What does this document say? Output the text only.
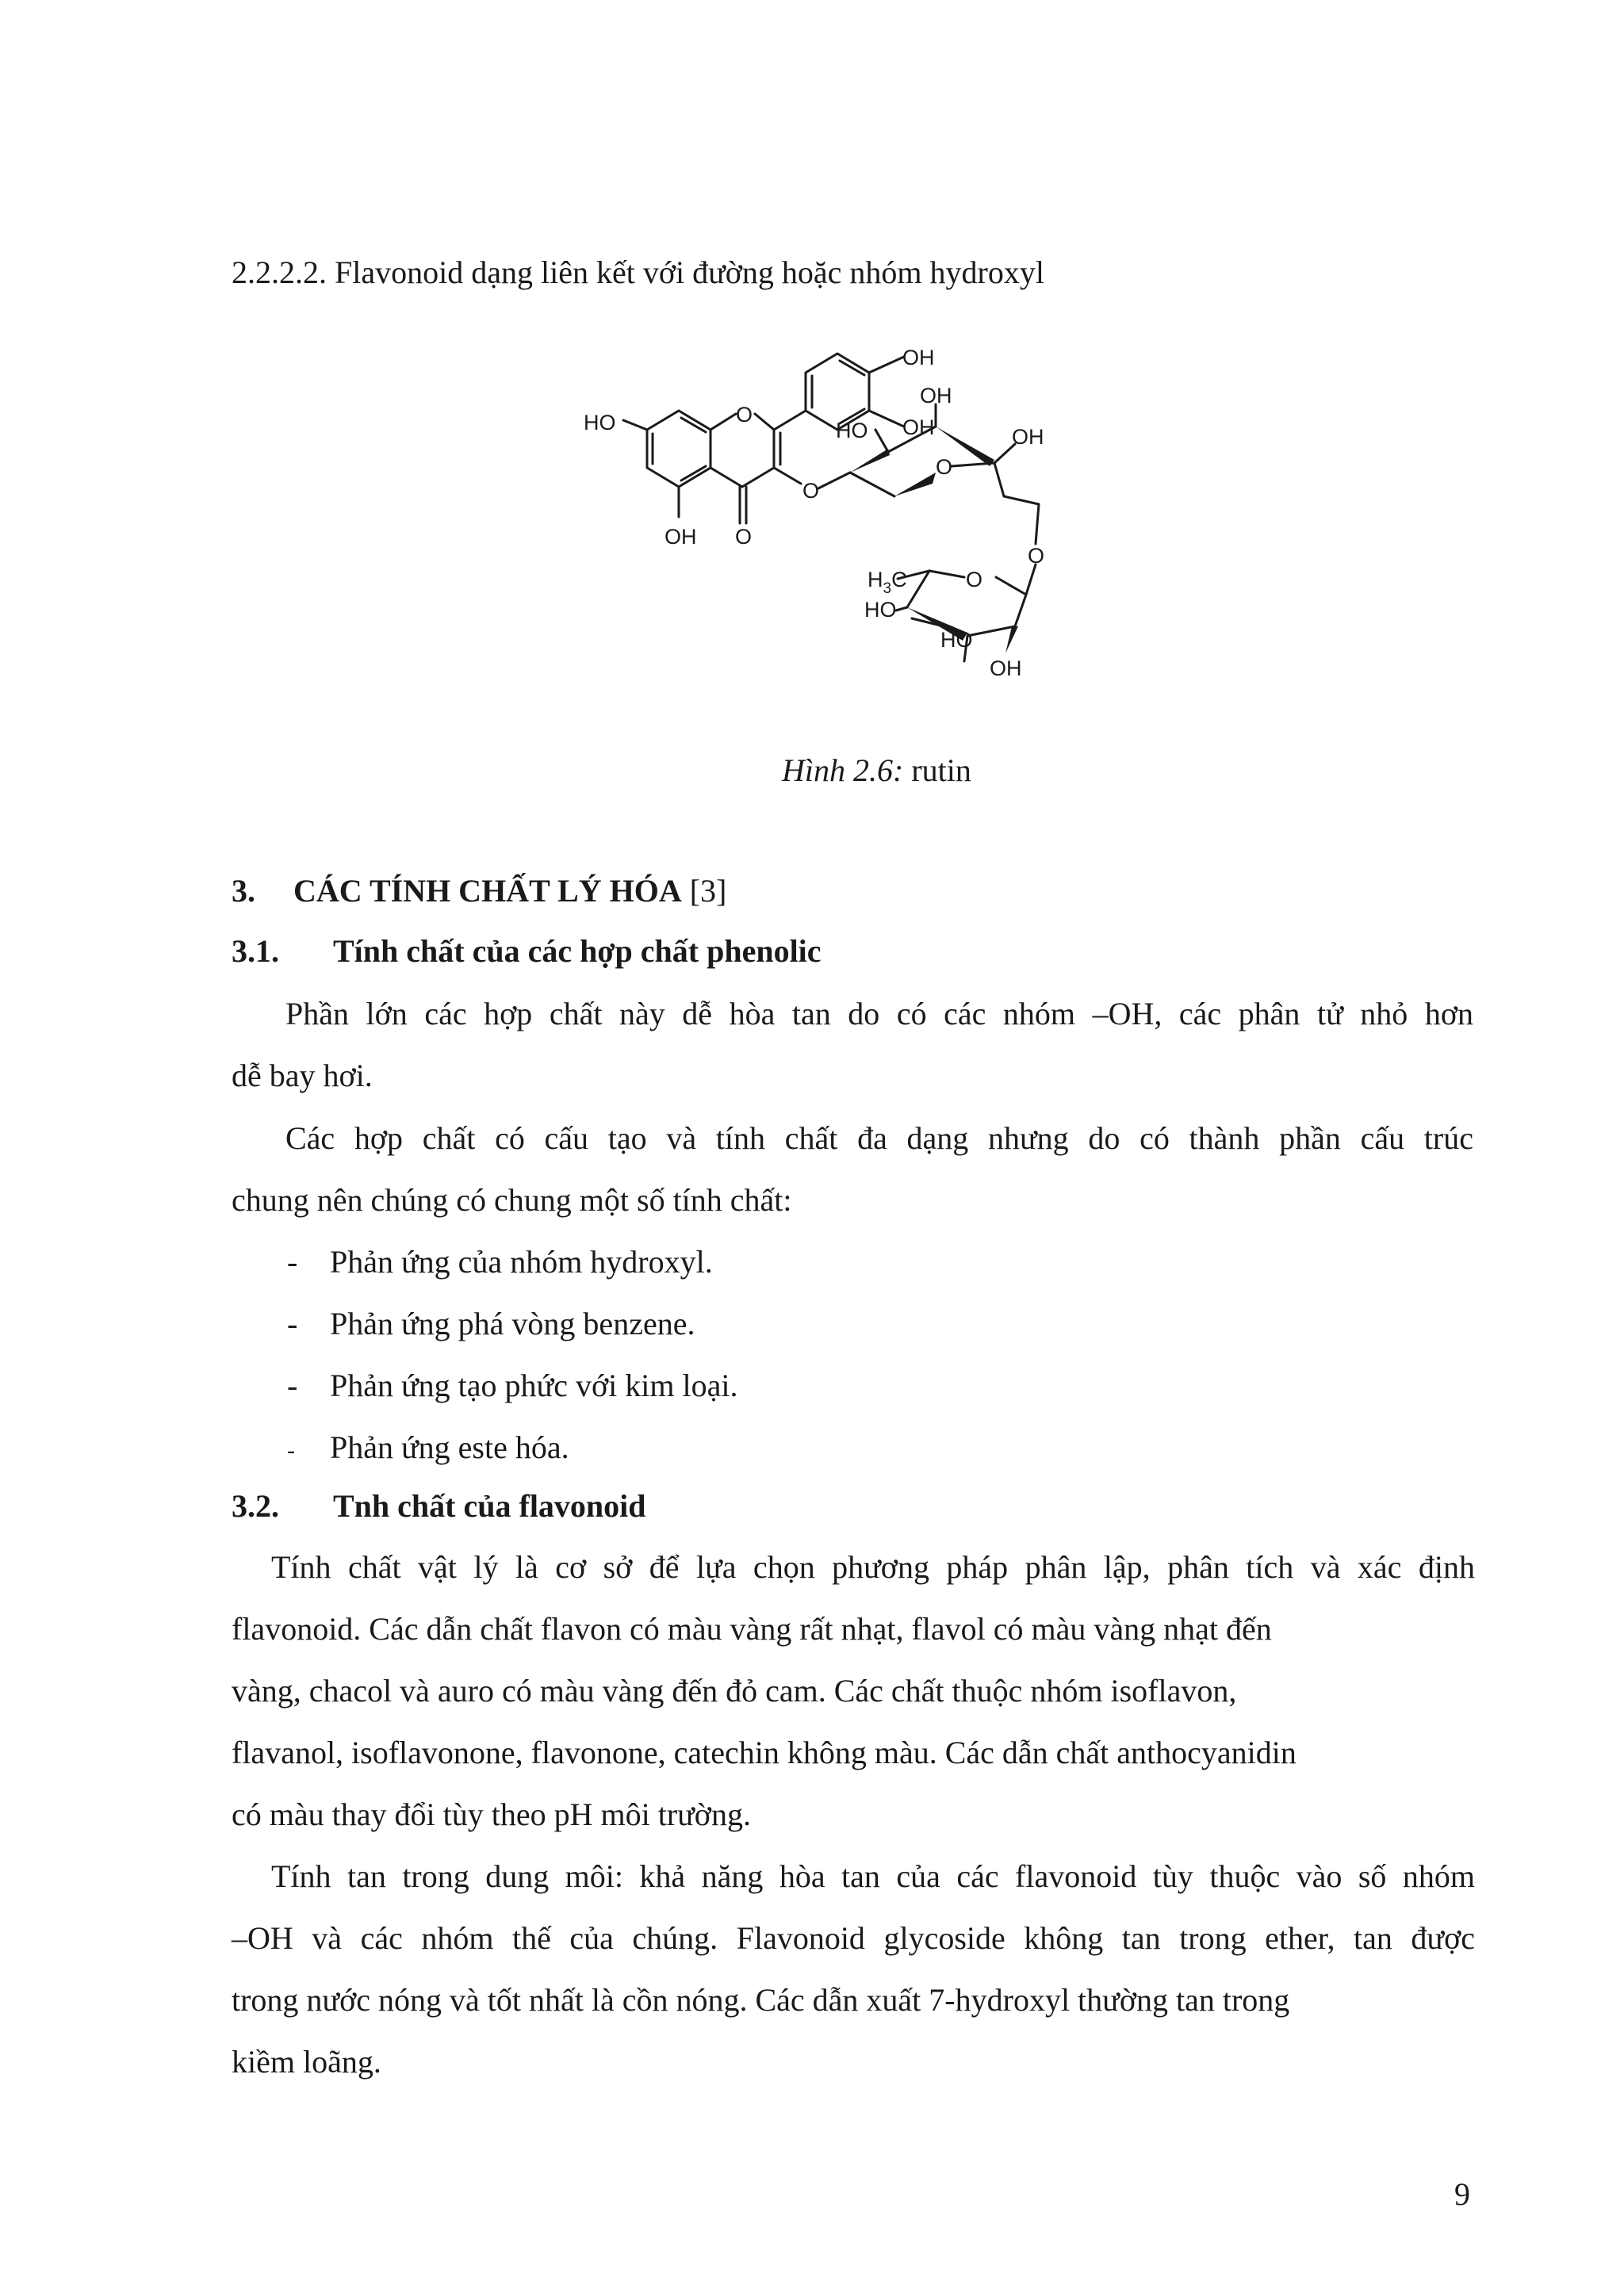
2.2.2.2. Flavonoid dạng liên kết với đường hoặc nhóm hydroxyl
OH
OH
HO
OH
O
O
O
HO
OH
OH
O
O
O
HO
HO
OH
$H_3C$
Hình 2.6: rutin
3. CÁC TÍNH CHẤT LÝ HÓA [3]
3.1. Tính chất của các hợp chất phenolic
Phần lớn các hợp chất này dễ hòa tan do có các nhóm –OH, các phân tử nhỏ hơn
dễ bay hơi.
Các hợp chất có cấu tạo và tính chất đa dạng nhưng do có thành phần cấu trúc
chung nên chúng có chung một số tính chất:
- Phản ứng của nhóm hydroxyl.
- Phản ứng phá vòng benzene.
- Phản ứng tạo phức với kim loại.
- Phản ứng este hóa.
3.2. Tnh chất của flavonoid
Tính chất vật lý là cơ sở để lựa chọn phương pháp phân lập, phân tích và xác định
flavonoid. Các dẫn chất flavon có màu vàng rất nhạt, flavol có màu vàng nhạt đến
vàng, chacol và auro có màu vàng đến đỏ cam. Các chất thuộc nhóm isoflavon,
flavanol, isoflavonone, flavonone, catechin không màu. Các dẫn chất anthocyanidin
có màu thay đổi tùy theo pH môi trường.
Tính tan trong dung môi: khả năng hòa tan của các flavonoid tùy thuộc vào số nhóm
–OH và các nhóm thế của chúng. Flavonoid glycoside không tan trong ether, tan được
trong nước nóng và tốt nhất là cồn nóng. Các dẫn xuất 7-hydroxyl thường tan trong
kiềm loãng.
9
